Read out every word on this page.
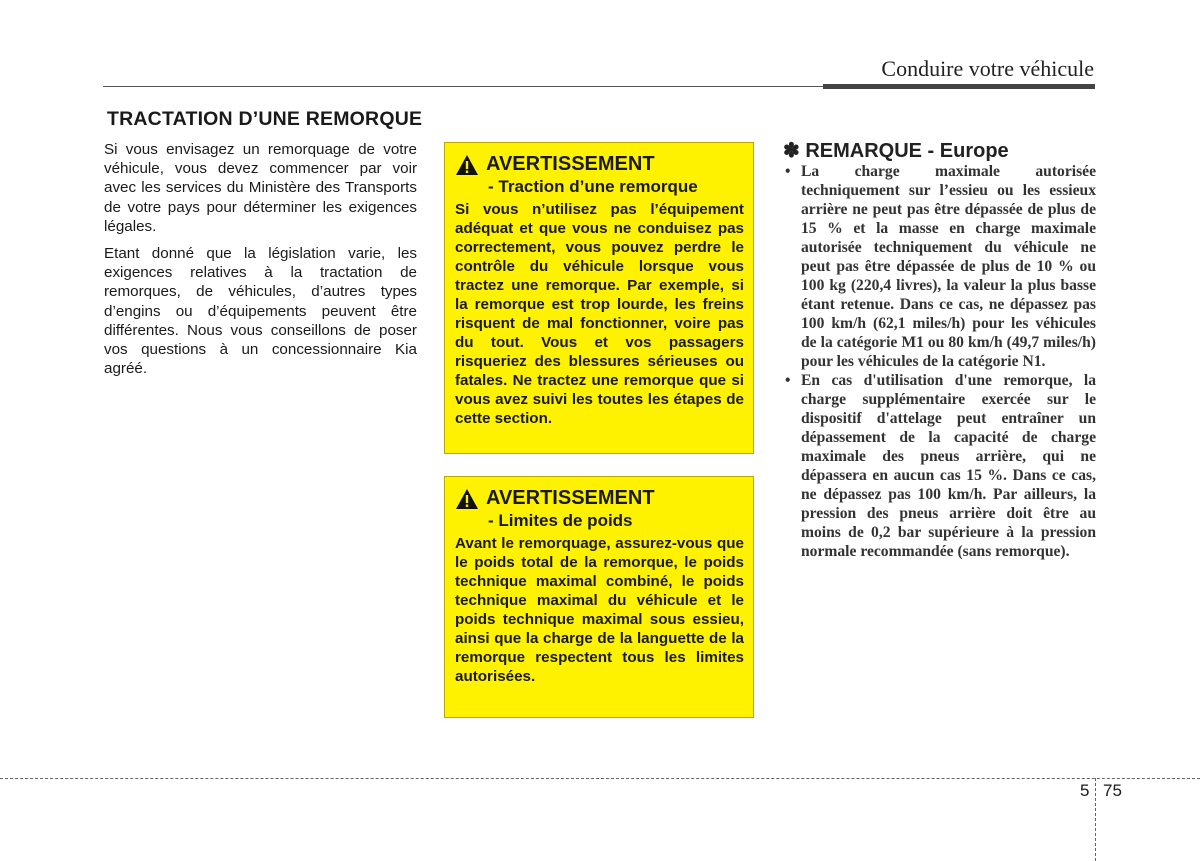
Conduire votre véhicule
TRACTATION D’UNE REMORQUE

Si vous envisagez un remorquage de votre véhicule, vous devez commencer par voir avec les services du Ministère des Transports de votre pays pour déterminer les exigences légales.

Etant donné que la législation varie, les exigences relatives à la tractation de remorques, de véhicules, d’autres types d’engins ou d’équipements peuvent être différentes. Nous vous conseillons de poser vos questions à un concessionnaire Kia agréé.

AVERTISSEMENT
- Traction d’une remorque
Si vous n’utilisez pas l’équipement adéquat et que vous ne conduisez pas correctement, vous pouvez perdre le contrôle du véhicule lorsque vous tractez une remorque. Par exemple, si la remorque est trop lourde, les freins risquent de mal fonctionner, voire pas du tout. Vous et vos passagers risqueriez des blessures sérieuses ou fatales. Ne tractez une remorque que si vous avez suivi les toutes les étapes de cette section.
AVERTISSEMENT
- Limites de poids
Avant le remorquage, assurez-vous que le poids total de la remorque, le poids technique maximal combiné, le poids technique maximal du véhicule et le poids technique maximal sous essieu, ainsi que la charge de la languette de la remorque respectent tous les limites autorisées.
✽ REMARQUE - Europe
• La charge maximale autorisée techniquement sur l’essieu ou les essieux arrière ne peut pas être dépassée de plus de 15 % et la masse en charge maximale autorisée techniquement du véhicule ne peut pas être dépassée de plus de 10 % ou 100 kg (220,4 livres), la valeur la plus basse étant retenue. Dans ce cas, ne dépassez pas 100 km/h (62,1 miles/h) pour les véhicules de la catégorie M1 ou 80 km/h (49,7 miles/h) pour les véhicules de la catégorie N1.
• En cas d'utilisation d'une remorque, la charge supplémentaire exercée sur le dispositif d'attelage peut entraîner un dépassement de la capacité de charge maximale des pneus arrière, qui ne dépassera en aucun cas 15 %. Dans ce cas, ne dépassez pas 100 km/h. Par ailleurs, la pression des pneus arrière doit être au moins de 0,2 bar supérieure à la pression normale recommandée (sans remorque).
5 75
